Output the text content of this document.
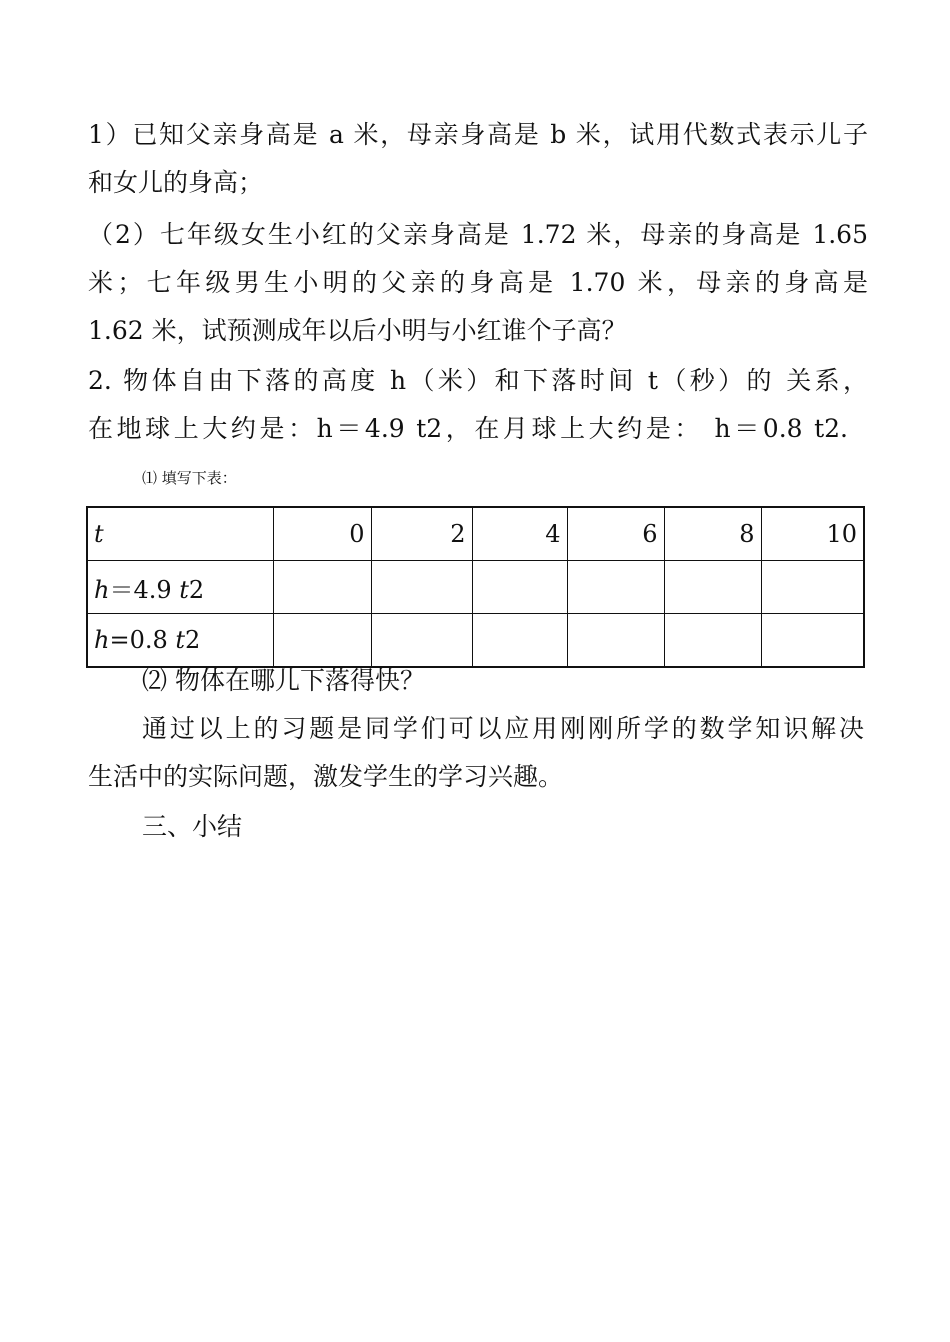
1）已知父亲身高是 a 米，母亲身高是 b 米，试用代数式表示儿子
和女儿的身高；
（2）七年级女生小红的父亲身高是 1.72 米，母亲的身高是 1.65
米；七年级男生小明的父亲的身高是 1.70 米，母亲的身高是
1.62 米，试预测成年以后小明与小红谁个子高？
2. 物体自由下落的高度 h（米）和下落时间 t（秒）的 关系，
在地球上大约是：h＝4.9 t2，在月球上大约是： h＝0.8 t2.
⑴ 填写下表：
t	0	2	4	6	8	10
h＝4.9 t2						
h=0.8 t2						
⑵ 物体在哪儿下落得快？
通过以上的习题是同学们可以应用刚刚所学的数学知识解决
生活中的实际问题，激发学生的学习兴趣。
三、小结
